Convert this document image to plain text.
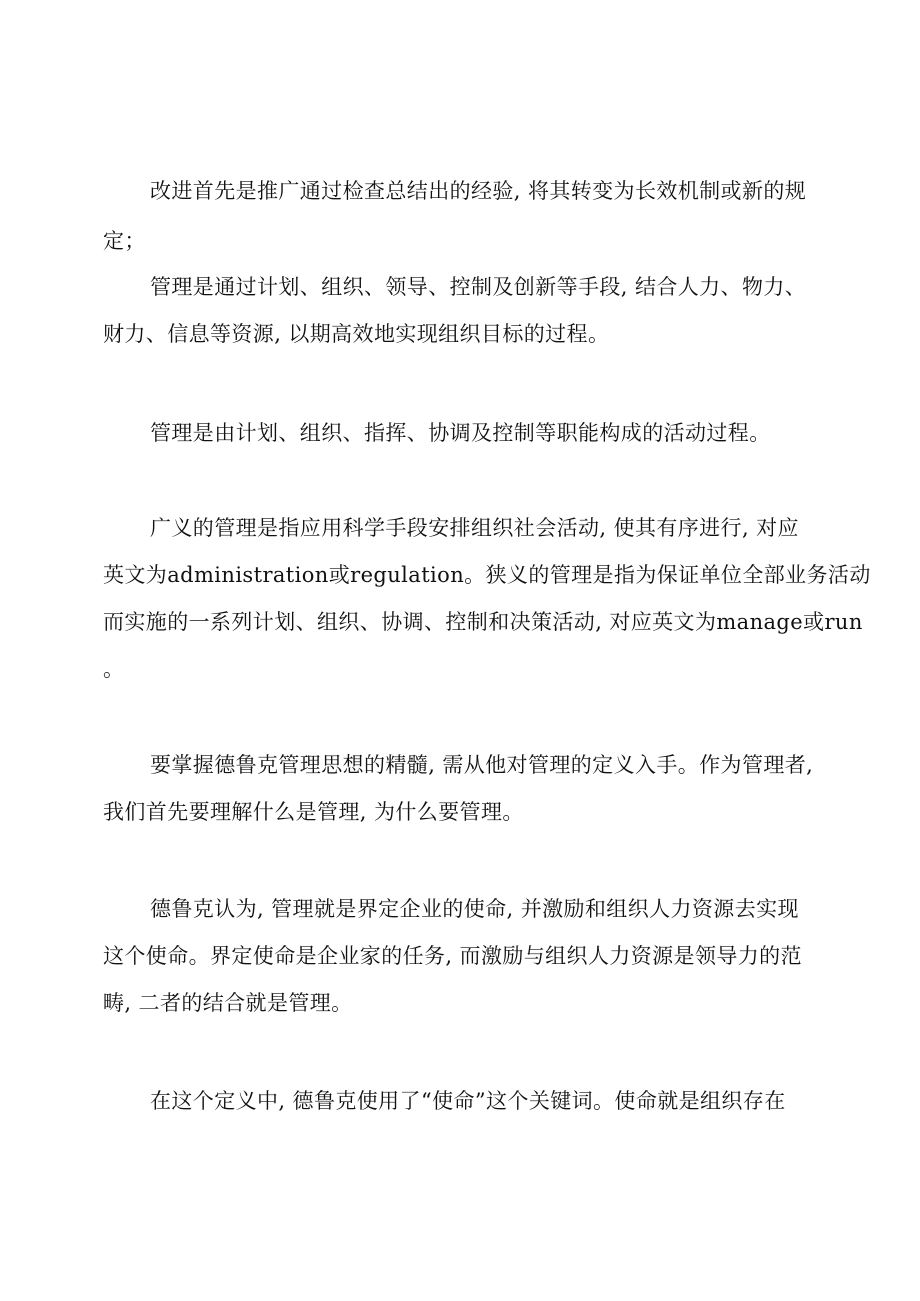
改进首先是推广通过检查总结出的经验, 将其转变为长效机制或新的规
定；
管理是通过计划、组织、领导、控制及创新等手段, 结合人力、物力、
财力、信息等资源, 以期高效地实现组织目标的过程。
管理是由计划、组织、指挥、协调及控制等职能构成的活动过程。
广义的管理是指应用科学手段安排组织社会活动, 使其有序进行, 对应
英文为administration或regulation。狭义的管理是指为保证单位全部业务活动
而实施的一系列计划、组织、协调、控制和决策活动, 对应英文为manage或run
。
要掌握德鲁克管理思想的精髓, 需从他对管理的定义入手。作为管理者,
我们首先要理解什么是管理, 为什么要管理。
德鲁克认为, 管理就是界定企业的使命, 并激励和组织人力资源去实现
这个使命。界定使命是企业家的任务, 而激励与组织人力资源是领导力的范
畴, 二者的结合就是管理。
在这个定义中, 德鲁克使用了“使命”这个关键词。使命就是组织存在
